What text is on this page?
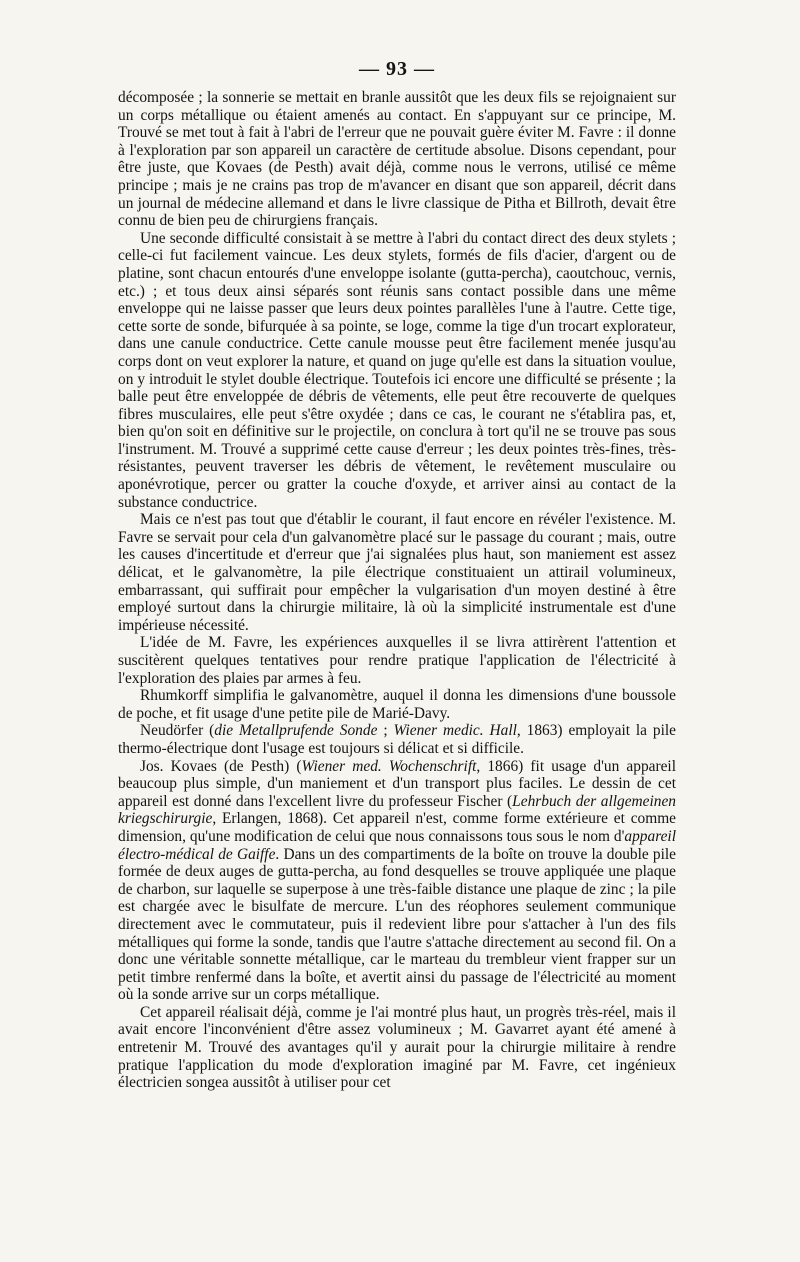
— 93 —

décomposée ; la sonnerie se mettait en branle aussitôt que les deux fils se rejoignaient sur un corps métallique ou étaient amenés au contact. En s'appuyant sur ce principe, M. Trouvé se met tout à fait à l'abri de l'erreur que ne pouvait guère éviter M. Favre : il donne à l'exploration par son appareil un caractère de certitude absolue. Disons cependant, pour être juste, que Kovaes (de Pesth) avait déjà, comme nous le verrons, utilisé ce même principe ; mais je ne crains pas trop de m'avancer en disant que son appareil, décrit dans un journal de médecine allemand et dans le livre classique de Pitha et Billroth, devait être connu de bien peu de chirurgiens français.

Une seconde difficulté consistait à se mettre à l'abri du contact direct des deux stylets ; celle-ci fut facilement vaincue. Les deux stylets, formés de fils d'acier, d'argent ou de platine, sont chacun entourés d'une enveloppe isolante (gutta-percha), caoutchouc, vernis, etc.) ; et tous deux ainsi séparés sont réunis sans contact possible dans une même enveloppe qui ne laisse passer que leurs deux pointes parallèles l'une à l'autre. Cette tige, cette sorte de sonde, bifurquée à sa pointe, se loge, comme la tige d'un trocart explorateur, dans une canule conductrice. Cette canule mousse peut être facilement menée jusqu'au corps dont on veut explorer la nature, et quand on juge qu'elle est dans la situation voulue, on y introduit le stylet double électrique. Toutefois ici encore une difficulté se présente ; la balle peut être enveloppée de débris de vêtements, elle peut être recouverte de quelques fibres musculaires, elle peut s'être oxydée ; dans ce cas, le courant ne s'établira pas, et, bien qu'on soit en définitive sur le projectile, on conclura à tort qu'il ne se trouve pas sous l'instrument. M. Trouvé a supprimé cette cause d'erreur ; les deux pointes très-fines, très-résistantes, peuvent traverser les débris de vêtement, le revêtement musculaire ou aponévrotique, percer ou gratter la couche d'oxyde, et arriver ainsi au contact de la substance conductrice.

Mais ce n'est pas tout que d'établir le courant, il faut encore en révéler l'existence. M. Favre se servait pour cela d'un galvanomètre placé sur le passage du courant ; mais, outre les causes d'incertitude et d'erreur que j'ai signalées plus haut, son maniement est assez délicat, et le galvanomètre, la pile électrique constituaient un attirail volumineux, embarrassant, qui suffirait pour empêcher la vulgarisation d'un moyen destiné à être employé surtout dans la chirurgie militaire, là où la simplicité instrumentale est d'une impérieuse nécessité.

L'idée de M. Favre, les expériences auxquelles il se livra attirèrent l'attention et suscitèrent quelques tentatives pour rendre pratique l'application de l'électricité à l'exploration des plaies par armes à feu.

Rhumkorff simplifia le galvanomètre, auquel il donna les dimensions d'une boussole de poche, et fit usage d'une petite pile de Marié-Davy.

Neudörfer (die Metallprufende Sonde ; Wiener medic. Hall, 1863) employait la pile thermo-électrique dont l'usage est toujours si délicat et si difficile.

Jos. Kovaes (de Pesth) (Wiener med. Wochenschrift, 1866) fit usage d'un appareil beaucoup plus simple, d'un maniement et d'un transport plus faciles. Le dessin de cet appareil est donné dans l'excellent livre du professeur Fischer (Lehrbuch der allgemeinen kriegschirurgie, Erlangen, 1868). Cet appareil n'est, comme forme extérieure et comme dimension, qu'une modification de celui que nous connaissons tous sous le nom d'appareil électro-médical de Gaiffe. Dans un des compartiments de la boîte on trouve la double pile formée de deux auges de gutta-percha, au fond desquelles se trouve appliquée une plaque de charbon, sur laquelle se superpose à une très-faible distance une plaque de zinc ; la pile est chargée avec le bisulfate de mercure. L'un des réophores seulement communique directement avec le commutateur, puis il redevient libre pour s'attacher à l'un des fils métalliques qui forme la sonde, tandis que l'autre s'attache directement au second fil. On a donc une véritable sonnette métallique, car le marteau du trembleur vient frapper sur un petit timbre renfermé dans la boîte, et avertit ainsi du passage de l'électricité au moment où la sonde arrive sur un corps métallique.

Cet appareil réalisait déjà, comme je l'ai montré plus haut, un progrès très-réel, mais il avait encore l'inconvénient d'être assez volumineux ; M. Gavarret ayant été amené à entretenir M. Trouvé des avantages qu'il y aurait pour la chirurgie militaire à rendre pratique l'application du mode d'exploration imaginé par M. Favre, cet ingénieux électricien songea aussitôt à utiliser pour cet
